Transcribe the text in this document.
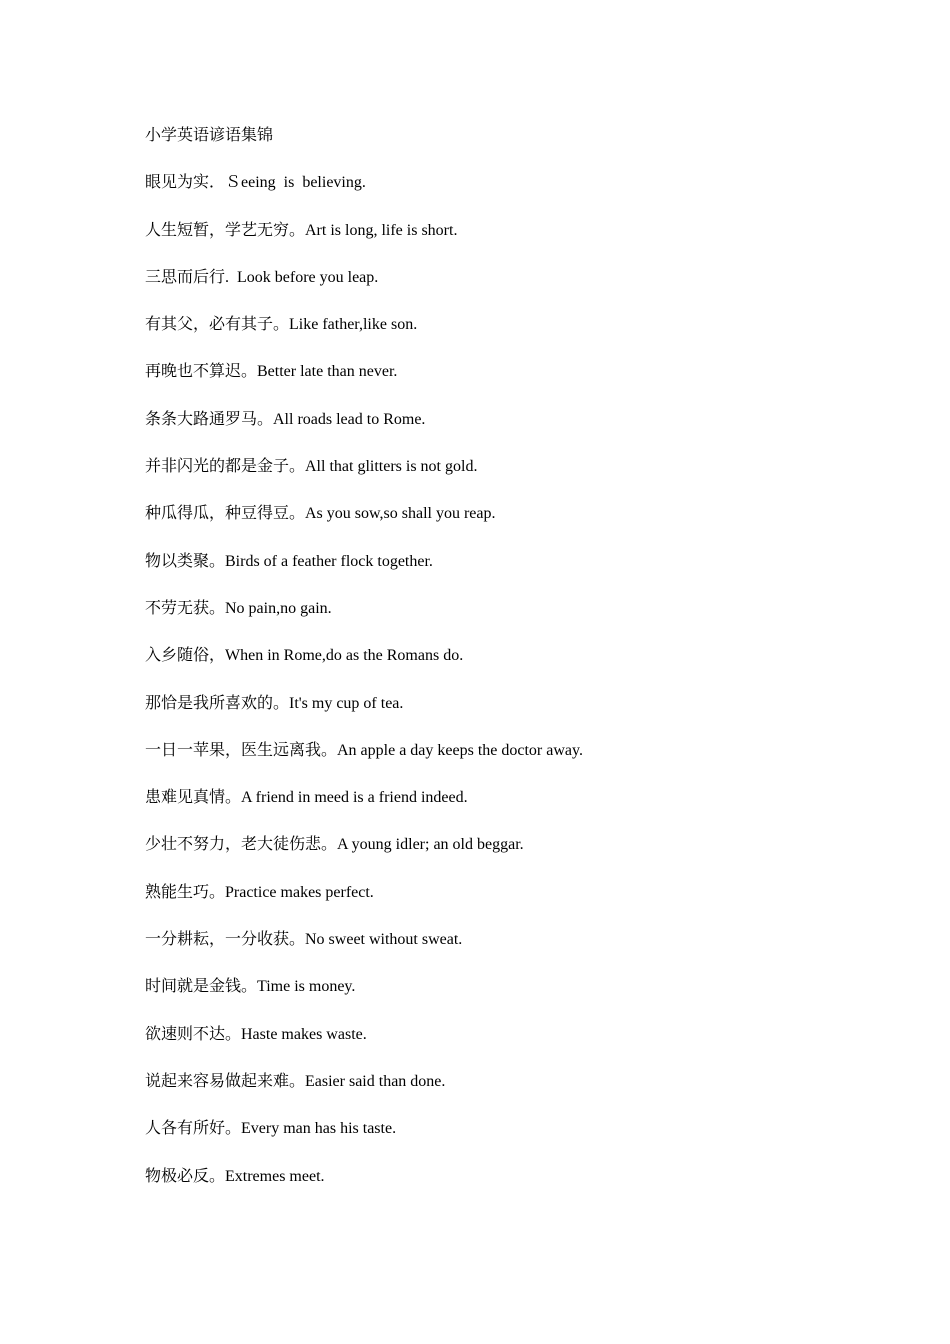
小学英语谚语集锦
眼见为实．Ｓeeing  is  believing.
人生短暂，学艺无穷。Art is long, life is short.
三思而后行.  Look before you leap.
有其父，必有其子。Like father,like son.
再晚也不算迟。Better late than never.
条条大路通罗马。All roads lead to Rome.
并非闪光的都是金子。All that glitters is not gold.
种瓜得瓜，种豆得豆。As you sow,so shall you reap.
物以类聚。Birds of a feather flock together.
不劳无获。No pain,no gain.
入乡随俗，When in Rome,do as the Romans do.
那恰是我所喜欢的。It's my cup of tea.
一日一苹果，医生远离我。An apple a day keeps the doctor away.
患难见真情。A friend in meed is a friend indeed.
少壮不努力，老大徒伤悲。A young idler; an old beggar.
熟能生巧。Practice makes perfect.
一分耕耘，一分收获。No sweet without sweat.
时间就是金钱。Time is money.
欲速则不达。Haste makes waste.
说起来容易做起来难。Easier said than done.
人各有所好。Every man has his taste.
物极必反。Extremes meet.
